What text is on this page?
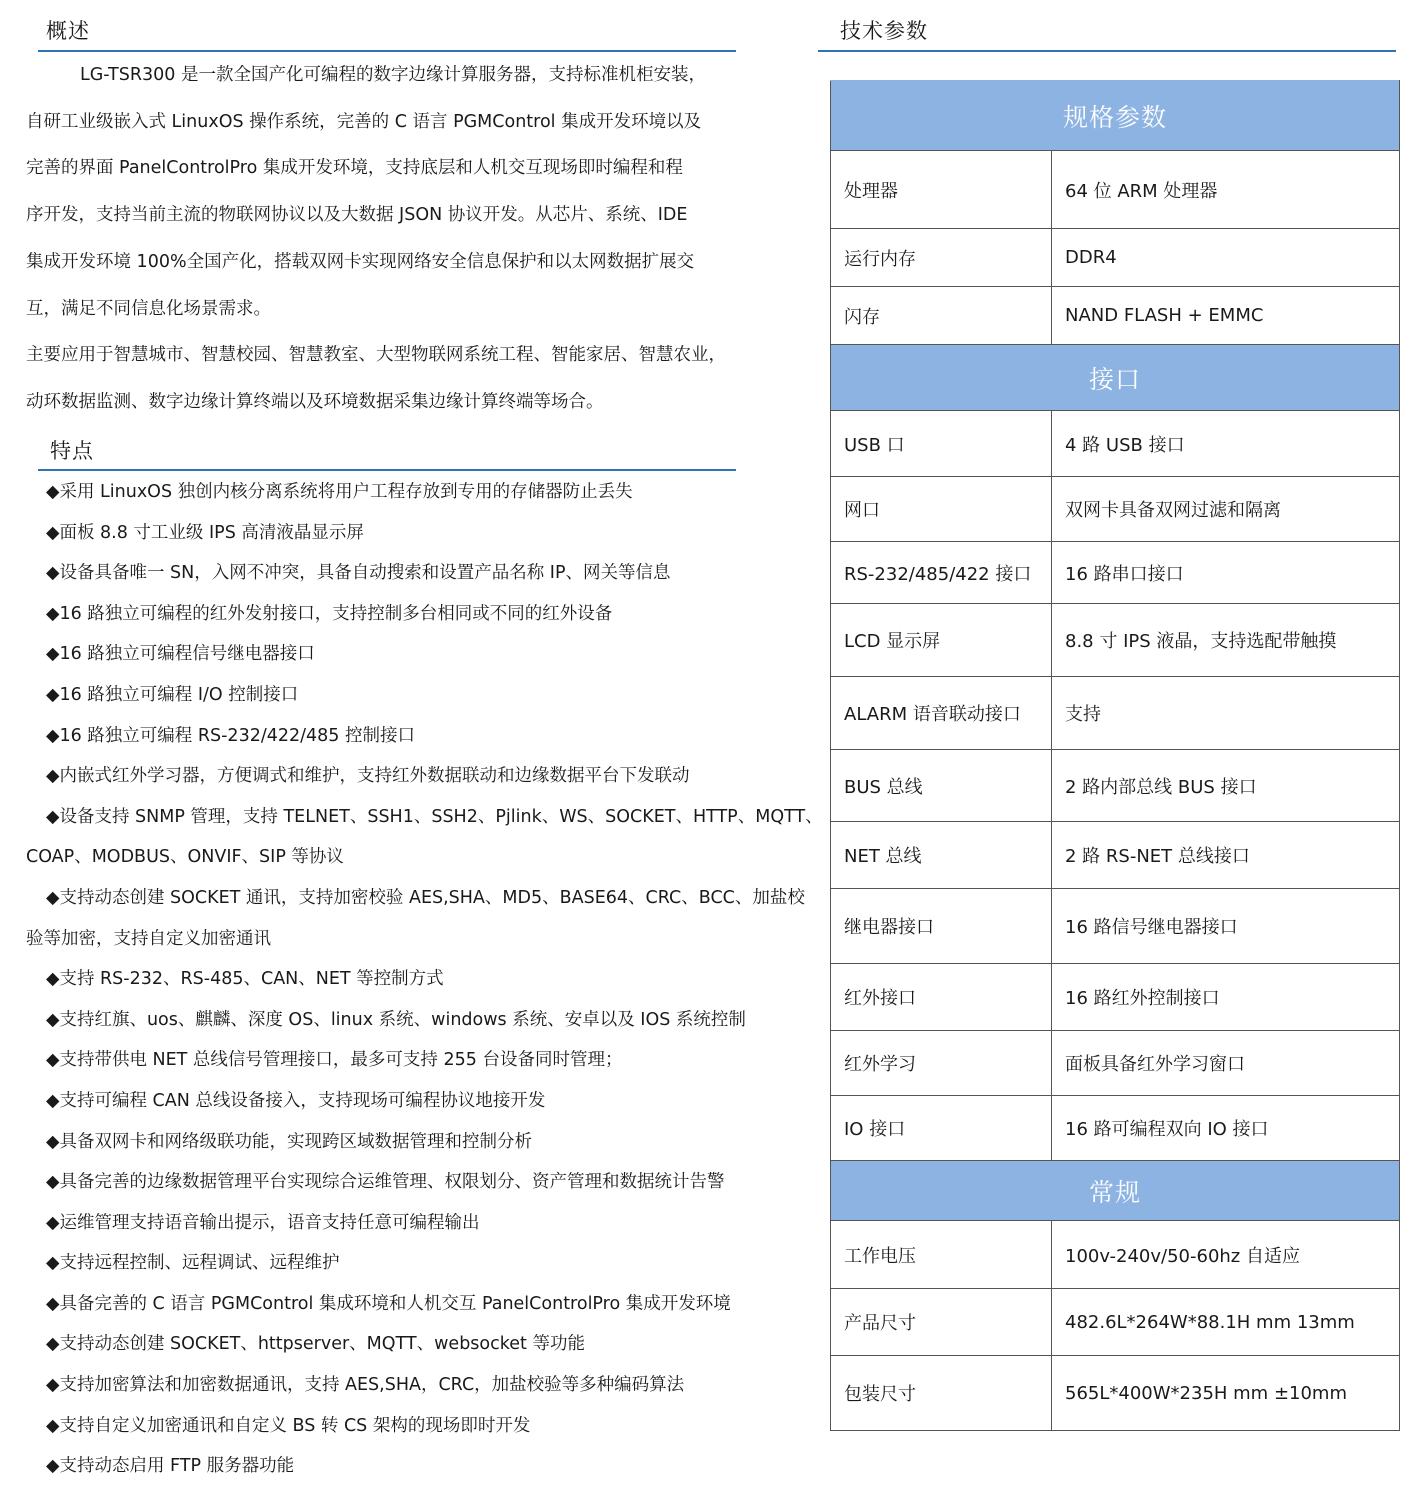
概述

LG-TSR300 是一款全国产化可编程的数字边缘计算服务器，支持标准机柜安装，
自研工业级嵌入式 LinuxOS 操作系统，完善的 C 语言 PGMControl 集成开发环境以及
完善的界面 PanelControlPro 集成开发环境，支持底层和人机交互现场即时编程和程
序开发，支持当前主流的物联网协议以及大数据 JSON 协议开发。从芯片、系统、IDE
集成开发环境 100%全国产化，搭载双网卡实现网络安全信息保护和以太网数据扩展交
互，满足不同信息化场景需求。
主要应用于智慧城市、智慧校园、智慧教室、大型物联网系统工程、智能家居、智慧农业，
动环数据监测、数字边缘计算终端以及环境数据采集边缘计算终端等场合。

特点
◆采用 LinuxOS 独创内核分离系统将用户工程存放到专用的存储器防止丢失
◆面板 8.8 寸工业级 IPS 高清液晶显示屏
◆设备具备唯一 SN，入网不冲突，具备自动搜索和设置产品名称 IP、网关等信息
◆16 路独立可编程的红外发射接口，支持控制多台相同或不同的红外设备
◆16 路独立可编程信号继电器接口
◆16 路独立可编程 I/O 控制接口
◆16 路独立可编程 RS-232/422/485 控制接口
◆内嵌式红外学习器，方便调式和维护，支持红外数据联动和边缘数据平台下发联动
◆设备支持 SNMP 管理，支持 TELNET、SSH1、SSH2、Pjlink、WS、SOCKET、HTTP、MQTT、
COAP、MODBUS、ONVIF、SIP 等协议
◆支持动态创建 SOCKET 通讯，支持加密校验 AES,SHA、MD5、BASE64、CRC、BCC、加盐校
验等加密，支持自定义加密通讯
◆支持 RS-232、RS-485、CAN、NET 等控制方式
◆支持红旗、uos、麒麟、深度 OS、linux 系统、windows 系统、安卓以及 IOS 系统控制
◆支持带供电 NET 总线信号管理接口，最多可支持 255 台设备同时管理；
◆支持可编程 CAN 总线设备接入，支持现场可编程协议地接开发
◆具备双网卡和网络级联功能，实现跨区域数据管理和控制分析
◆具备完善的边缘数据管理平台实现综合运维管理、权限划分、资产管理和数据统计告警
◆运维管理支持语音输出提示，语音支持任意可编程输出
◆支持远程控制、远程调试、远程维护
◆具备完善的 C 语言 PGMControl 集成环境和人机交互 PanelControlPro 集成开发环境
◆支持动态创建 SOCKET、httpserver、MQTT、websocket 等功能
◆支持加密算法和加密数据通讯，支持 AES,SHA，CRC，加盐校验等多种编码算法
◆支持自定义加密通讯和自定义 BS 转 CS 架构的现场即时开发
◆支持动态启用 FTP 服务器功能
技术参数
规格参数	
处理器	64 位 ARM 处理器
运行内存	DDR4
闪存	NAND FLASH + EMMC
接口	
USB 口	4 路 USB 接口
网口	双网卡具备双网过滤和隔离
RS-232/485/422 接口	16 路串口接口
LCD 显示屏	8.8 寸 IPS 液晶，支持选配带触摸
ALARM 语音联动接口	支持
BUS 总线	2 路内部总线 BUS 接口
NET 总线	2 路 RS-NET 总线接口
继电器接口	16 路信号继电器接口
红外接口	16 路红外控制接口
红外学习	面板具备红外学习窗口
IO 接口	16 路可编程双向 IO 接口
常规	
工作电压	100v-240v/50-60hz 自适应
产品尺寸	482.6L*264W*88.1H mm 13mm
包装尺寸	565L*400W*235H mm ±10mm
